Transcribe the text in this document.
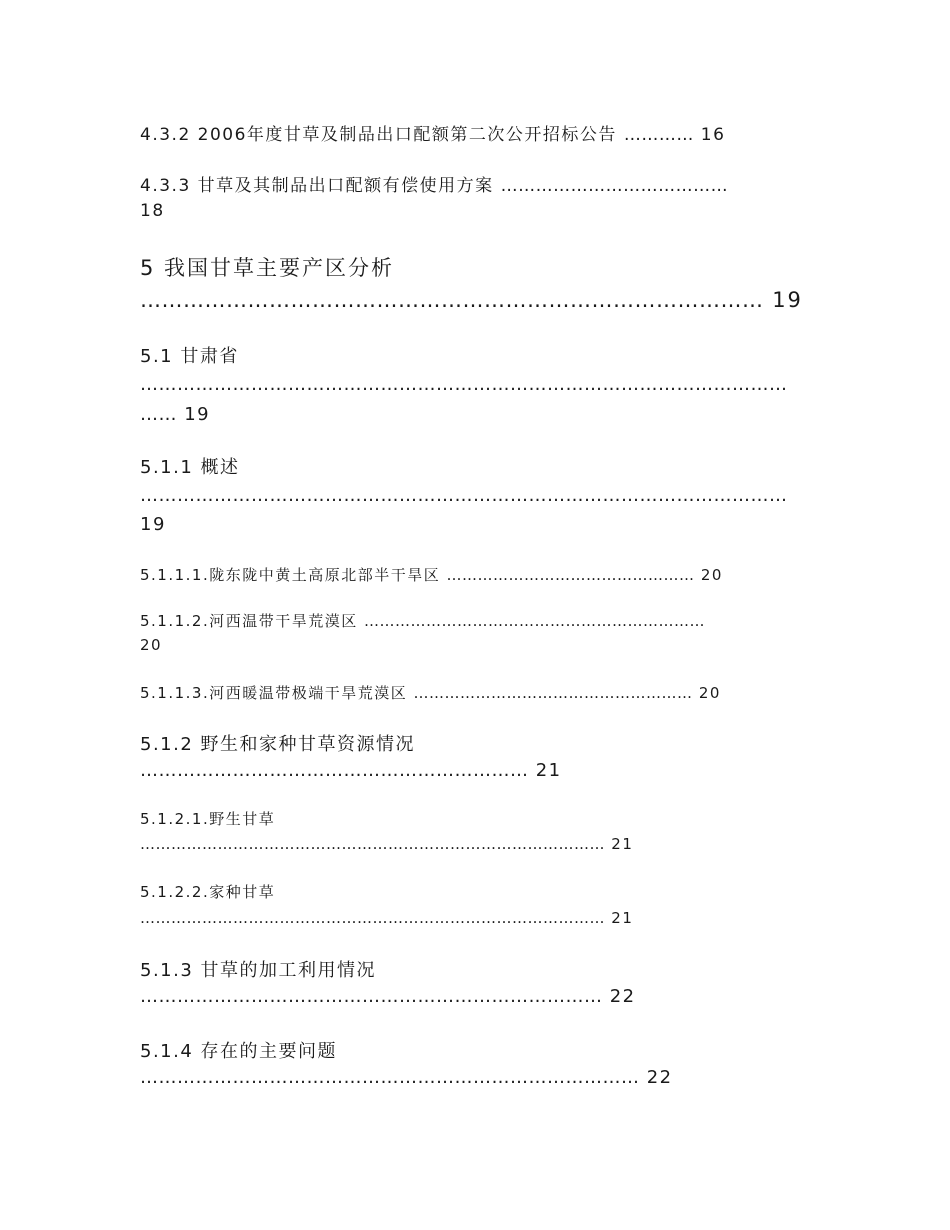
4.3.2 2006年度甘草及制品出口配额第二次公开招标公告 ………… 16
4.3.3 甘草及其制品出口配额有偿使用方案 …………………………………
18
5 我国甘草主要产区分析
…………………………………………………………………………… 19
5.1 甘肃省
……………………………………………………………………………………………
…… 19
5.1.1 概述
……………………………………………………………………………………………
19
5.1.1.1.陇东陇中黄土高原北部半干旱区 ………………………………………… 20
5.1.1.2.河西温带干旱荒漠区 …………………………………………………………
20
5.1.1.3.河西暖温带极端干旱荒漠区 ……………………………………………… 20
5.1.2 野生和家种甘草资源情况
……………………………………………………… 21
5.1.2.1.野生甘草
……………………………………………………………………………… 21
5.1.2.2.家种甘草
……………………………………………………………………………… 21
5.1.3 甘草的加工利用情况
………………………………………………………………… 22
5.1.4 存在的主要问题
……………………………………………………………………… 22
